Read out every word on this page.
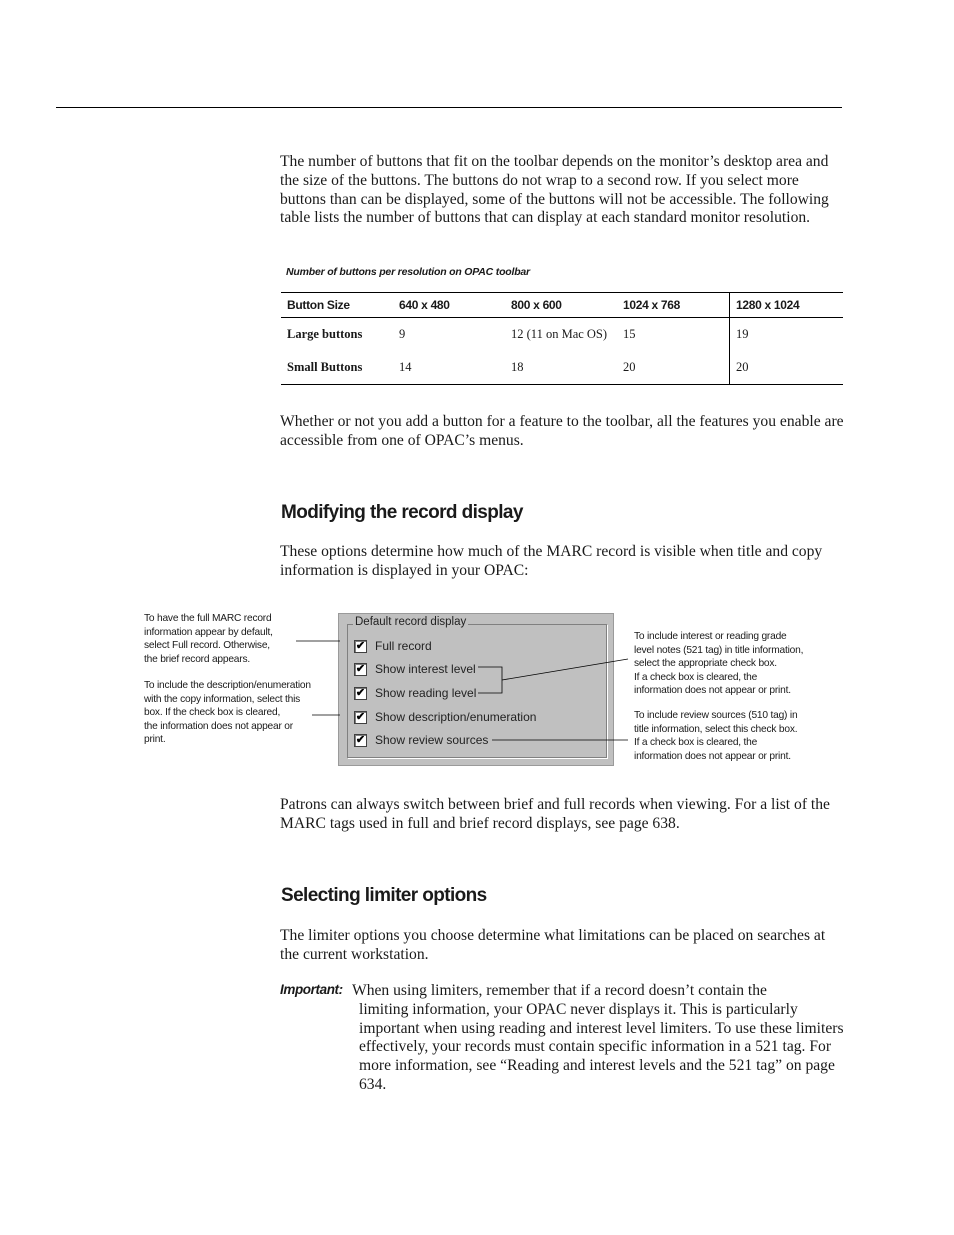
The number of buttons that fit on the toolbar depends on the monitor’s desktop area and the size of the buttons. The buttons do not wrap to a second row. If you select more buttons than can be displayed, some of the buttons will not be accessible. The following table lists the number of buttons that can display at each standard monitor resolution.

Number of buttons per resolution on OPAC toolbar
Button Size	640 x 480	800 x 600	1024 x 768	1280 x 1024
Large buttons	9	12 (11 on Mac OS)	15	19
Small Buttons	14	18	20	20

Whether or not you add a button for a feature to the toolbar, all the features you enable are accessible from one of OPAC’s menus.

Modifying the record display

These options determine how much of the MARC record is visible when title and copy information is displayed in your OPAC:

To have the full MARC record
information appear by default,
select Full record. Otherwise,
the brief record appears.

To include the description/enumeration
with the copy information, select this
box. If the check box is cleared,
the information does not appear or
print.

To include interest or reading grade
level notes (521 tag) in title information,
select the appropriate check box.
If a check box is cleared, the
information does not appear or print.

To include review sources (510 tag) in
title information, select this check box.
If a check box is cleared, the
information does not appear or print.

Default record display
✔ Full record
✔ Show interest level
✔ Show reading level
✔ Show description/enumeration
✔ Show review sources

Patrons can always switch between brief and full records when viewing. For a list of the MARC tags used in full and brief record displays, see page 638.

Selecting limiter options

The limiter options you choose determine what limitations can be placed on searches at the current workstation.

Important: When using limiters, remember that if a record doesn’t contain the
limiting information, your OPAC never displays it. This is particularly important when using reading and interest level limiters. To use these limiters effectively, your records must contain specific information in a 521 tag. For more information, see “Reading and interest levels and the 521 tag” on page 634.
